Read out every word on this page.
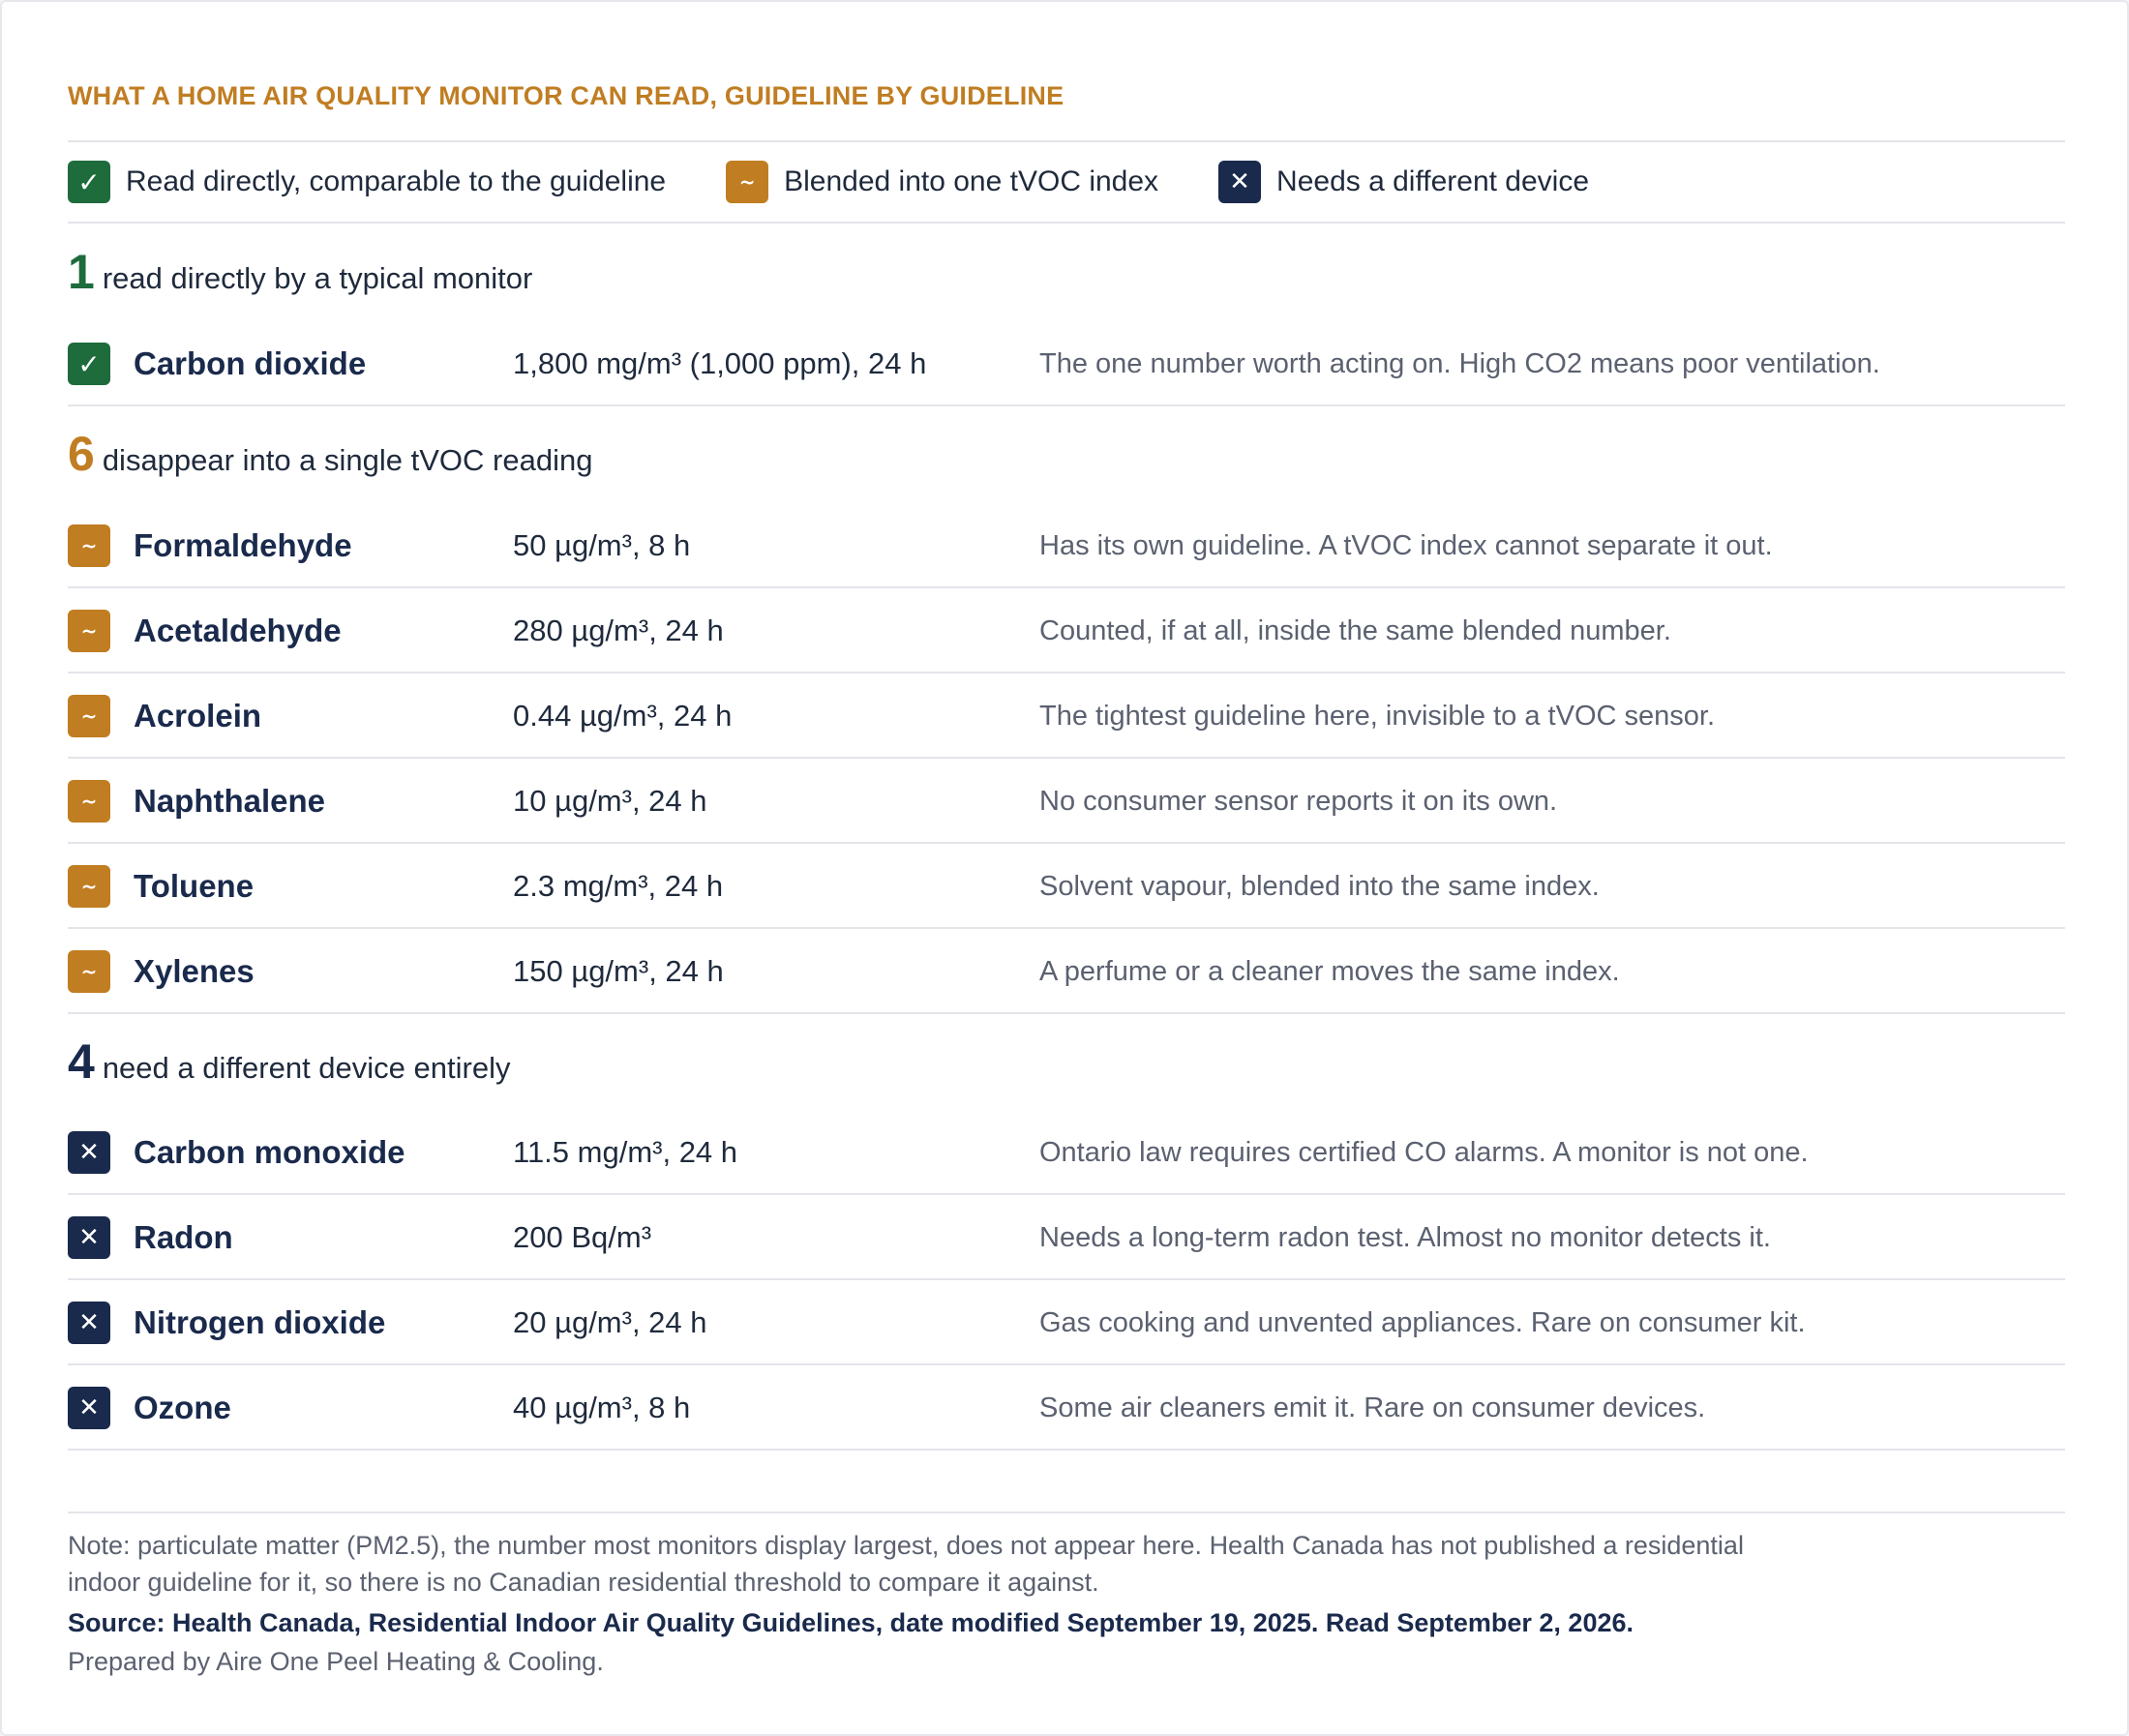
WHAT A HOME AIR QUALITY MONITOR CAN READ, GUIDELINE BY GUIDELINE
✓ Read directly, comparable to the guideline	~ Blended into one tVOC index	✕ Needs a different device
1 read directly by a typical monitor
✓	Carbon dioxide	1,800 mg/m³ (1,000 ppm), 24 h	The one number worth acting on. High CO2 means poor ventilation.
6 disappear into a single tVOC reading
~	Formaldehyde	50 µg/m³, 8 h	Has its own guideline. A tVOC index cannot separate it out.
~	Acetaldehyde	280 µg/m³, 24 h	Counted, if at all, inside the same blended number.
~	Acrolein	0.44 µg/m³, 24 h	The tightest guideline here, invisible to a tVOC sensor.
~	Naphthalene	10 µg/m³, 24 h	No consumer sensor reports it on its own.
~	Toluene	2.3 mg/m³, 24 h	Solvent vapour, blended into the same index.
~	Xylenes	150 µg/m³, 24 h	A perfume or a cleaner moves the same index.
4 need a different device entirely
✕	Carbon monoxide	11.5 mg/m³, 24 h	Ontario law requires certified CO alarms. A monitor is not one.
✕	Radon	200 Bq/m³	Needs a long-term radon test. Almost no monitor detects it.
✕	Nitrogen dioxide	20 µg/m³, 24 h	Gas cooking and unvented appliances. Rare on consumer kit.
✕	Ozone	40 µg/m³, 8 h	Some air cleaners emit it. Rare on consumer devices.
Note: particulate matter (PM2.5), the number most monitors display largest, does not appear here. Health Canada has not published a residential indoor guideline for it, so there is no Canadian residential threshold to compare it against.
Source: Health Canada, Residential Indoor Air Quality Guidelines, date modified September 19, 2025. Read September 2, 2026.
Prepared by Aire One Peel Heating & Cooling.
